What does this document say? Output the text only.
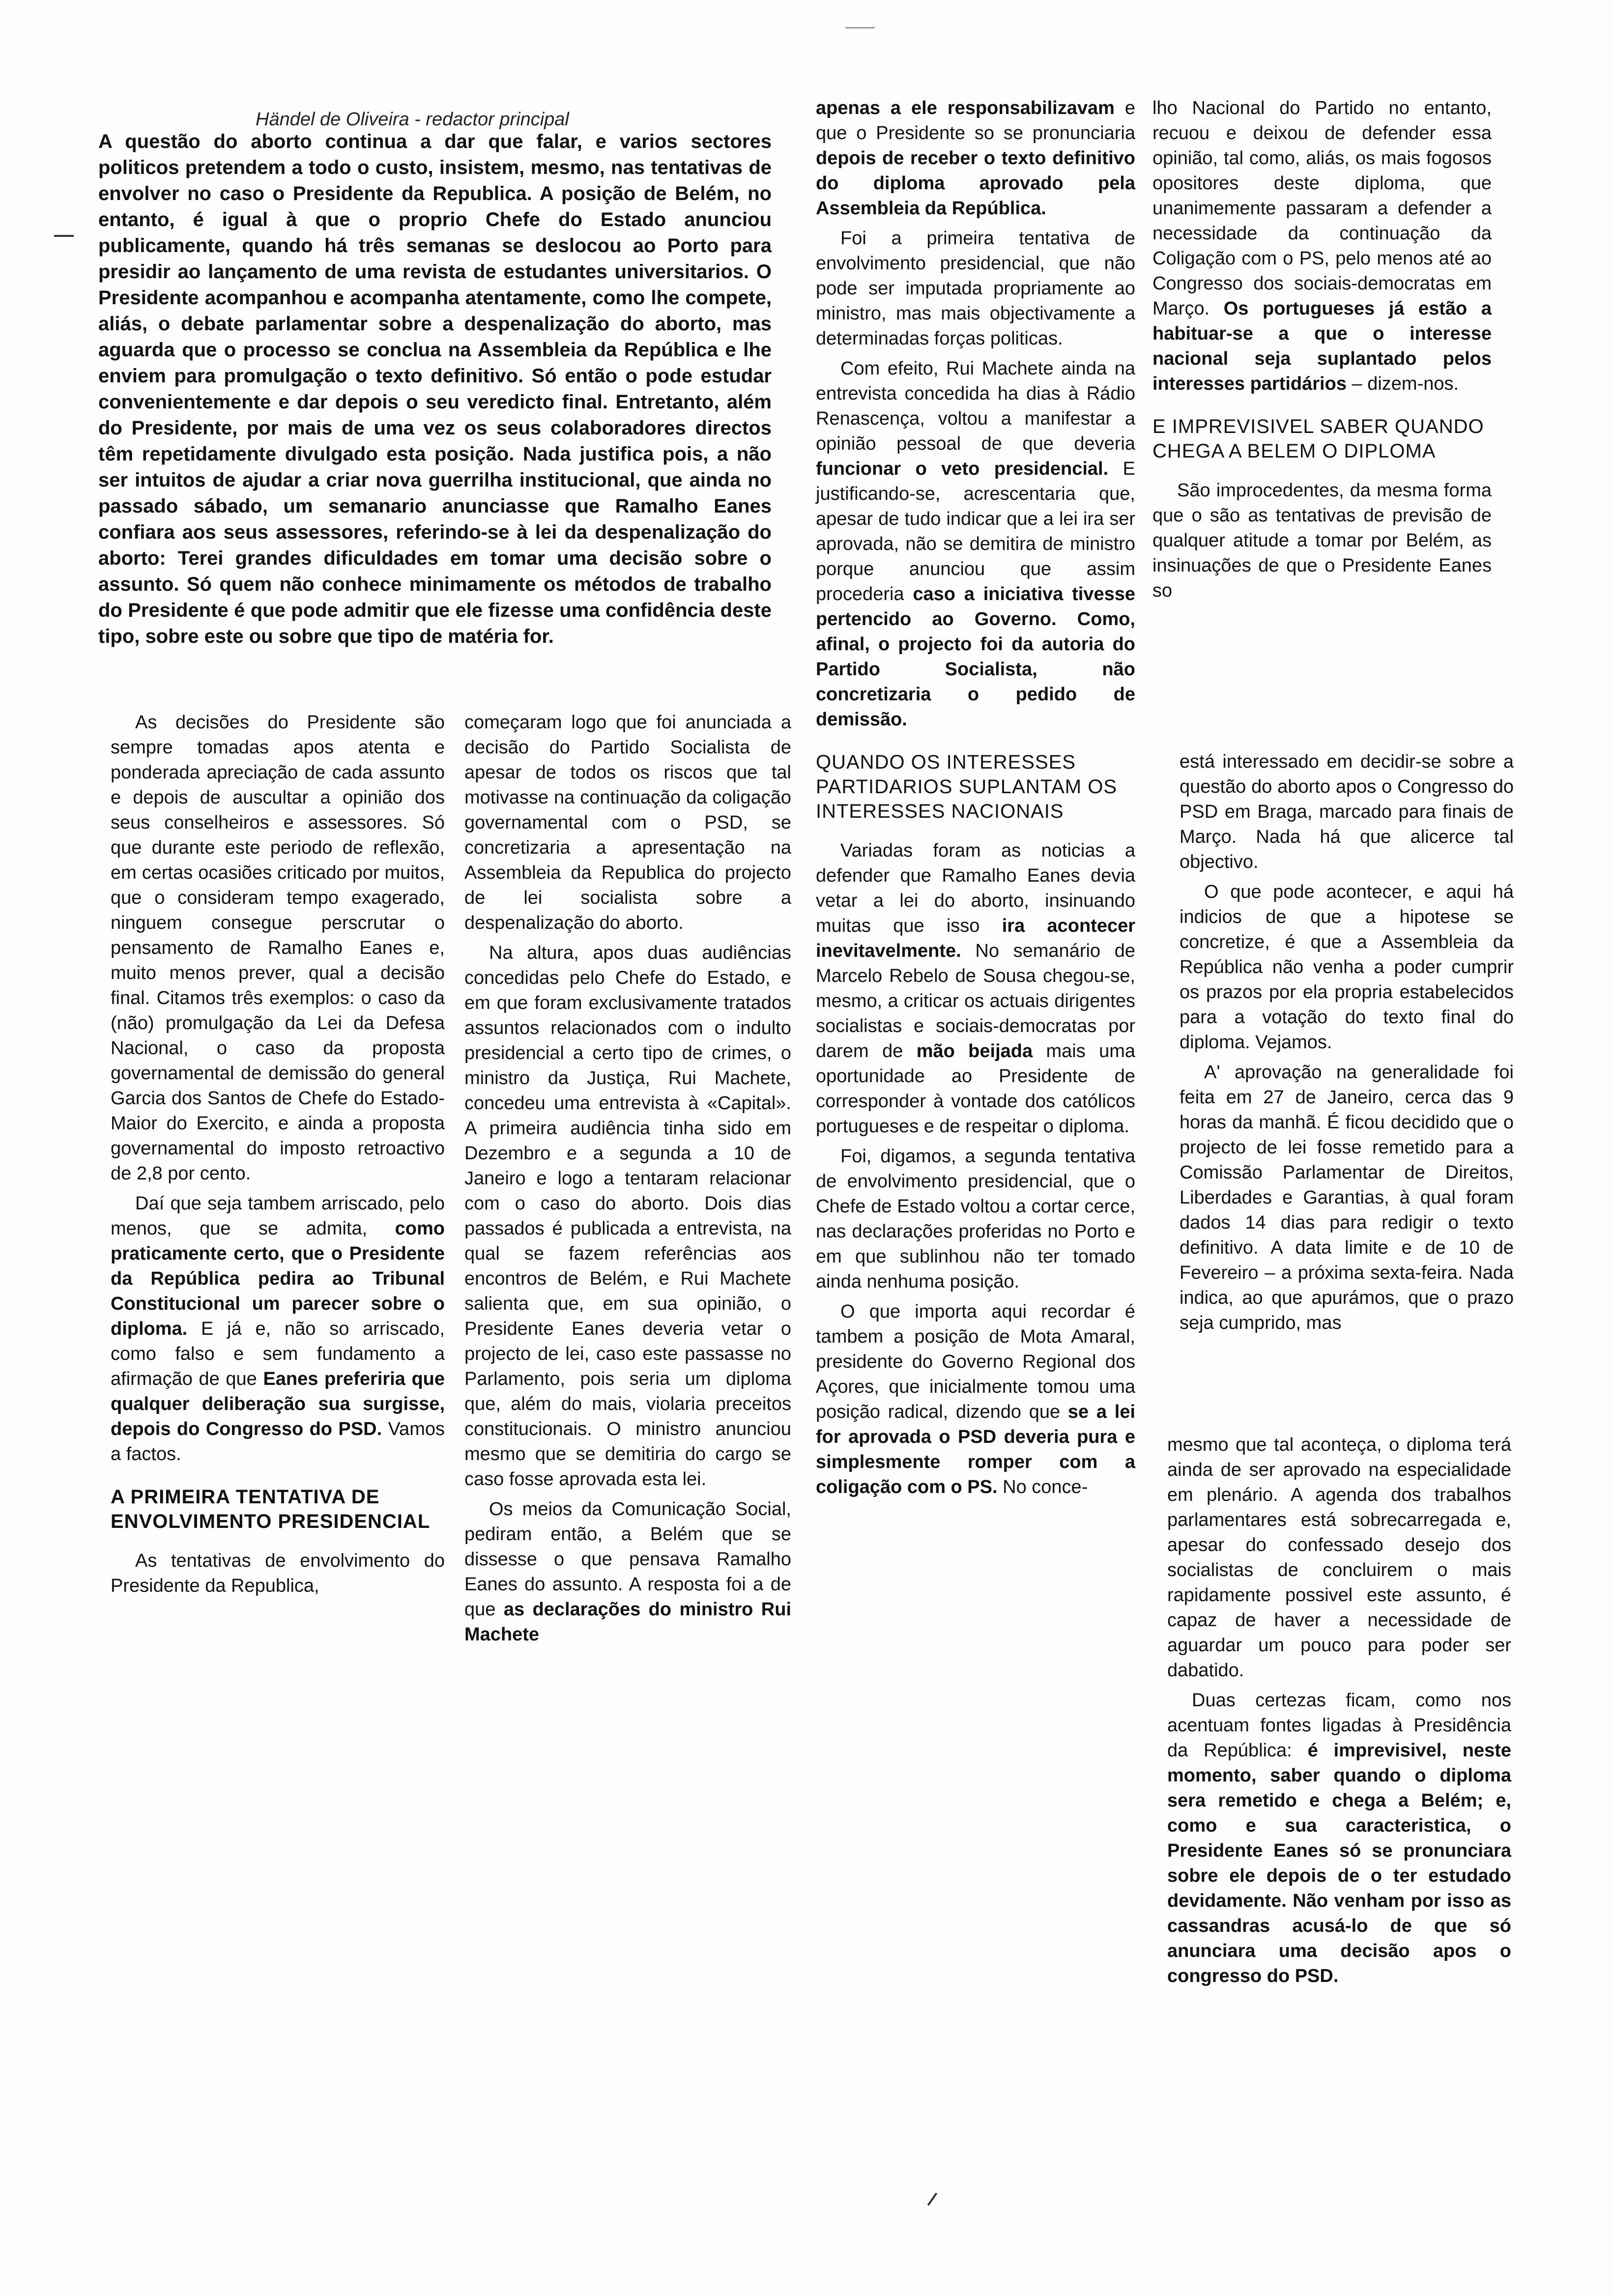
Händel de Oliveira - redactor principal
A questão do aborto continua a dar que falar, e varios sectores politicos pretendem a todo o custo, insistem, mesmo, nas tentativas de envolver no caso o Presidente da Republica. A posição de Belém, no entanto, é igual à que o proprio Chefe do Estado anunciou publicamente, quando há três semanas se deslocou ao Porto para presidir ao lançamento de uma revista de estudantes universitarios. O Presidente acompanhou e acompanha atentamente, como lhe compete, aliás, o debate parlamentar sobre a despenalização do aborto, mas aguarda que o processo se conclua na Assembleia da República e lhe enviem para promulgação o texto definitivo. Só então o pode estudar convenientemente e dar depois o seu veredicto final. Entretanto, além do Presidente, por mais de uma vez os seus colaboradores directos têm repetidamente divulgado esta posição. Nada justifica pois, a não ser intuitos de ajudar a criar nova guerrilha institucional, que ainda no passado sábado, um semanario anunciasse que Ramalho Eanes confiara aos seus assessores, referindo-se à lei da despenalização do aborto: Terei grandes dificuldades em tomar uma decisão sobre o assunto. Só quem não conhece minimamente os métodos de trabalho do Presidente é que pode admitir que ele fizesse uma confidência deste tipo, sobre este ou sobre que tipo de matéria for.

As decisões do Presidente são sempre tomadas apos atenta e ponderada apreciação de cada assunto e depois de auscultar a opinião dos seus conselheiros e assessores. Só que durante este periodo de reflexão, em certas ocasiões criticado por muitos, que o consideram tempo exagerado, ninguem consegue perscrutar o pensamento de Ramalho Eanes e, muito menos prever, qual a decisão final. Citamos três exemplos: o caso da (não) promulgação da Lei da Defesa Nacional, o caso da proposta governamental de demissão do general Garcia dos Santos de Chefe do Estado-Maior do Exercito, e ainda a proposta governamental do imposto retroactivo de 2,8 por cento.

Daí que seja tambem arriscado, pelo menos, que se admita, como praticamente certo, que o Presidente da República pedira ao Tribunal Constitucional um parecer sobre o diploma. E já e, não so arriscado, como falso e sem fundamento a afirmação de que Eanes preferiria que qualquer deliberação sua surgisse, depois do Congresso do PSD. Vamos a factos.

A PRIMEIRA TENTATIVA DE ENVOLVIMENTO PRESIDENCIAL

As tentativas de envolvimento do Presidente da Republica,

começaram logo que foi anunciada a decisão do Partido Socialista de apesar de todos os riscos que tal motivasse na continuação da coligação governamental com o PSD, se concretizaria a apresentação na Assembleia da Republica do projecto de lei socialista sobre a despenalização do aborto.

Na altura, apos duas audiências concedidas pelo Chefe do Estado, e em que foram exclusivamente tratados assuntos relacionados com o indulto presidencial a certo tipo de crimes, o ministro da Justiça, Rui Machete, concedeu uma entrevista à «Capital». A primeira audiência tinha sido em Dezembro e a segunda a 10 de Janeiro e logo a tentaram relacionar com o caso do aborto. Dois dias passados é publicada a entrevista, na qual se fazem referências aos encontros de Belém, e Rui Machete salienta que, em sua opinião, o Presidente Eanes deveria vetar o projecto de lei, caso este passasse no Parlamento, pois seria um diploma que, além do mais, violaria preceitos constitucionais. O ministro anunciou mesmo que se demitiria do cargo se caso fosse aprovada esta lei.

Os meios da Comunicação Social, pediram então, a Belém que se dissesse o que pensava Ramalho Eanes do assunto. A resposta foi a de que as declarações do ministro Rui Machete

apenas a ele responsabilizavam e que o Presidente so se pronunciaria depois de receber o texto definitivo do diploma aprovado pela Assembleia da República.

Foi a primeira tentativa de envolvimento presidencial, que não pode ser imputada propriamente ao ministro, mas mais objectivamente a determinadas forças politicas.

Com efeito, Rui Machete ainda na entrevista concedida ha dias à Rádio Renascença, voltou a manifestar a opinião pessoal de que deveria funcionar o veto presidencial. E justificando-se, acrescentaria que, apesar de tudo indicar que a lei ira ser aprovada, não se demitira de ministro porque anunciou que assim procederia caso a iniciativa tivesse pertencido ao Governo. Como, afinal, o projecto foi da autoria do Partido Socialista, não concretizaria o pedido de demissão.

QUANDO OS INTERESSES PARTIDARIOS SUPLANTAM OS INTERESSES NACIONAIS

Variadas foram as noticias a defender que Ramalho Eanes devia vetar a lei do aborto, insinuando muitas que isso ira acontecer inevitavelmente. No semanário de Marcelo Rebelo de Sousa chegou-se, mesmo, a criticar os actuais dirigentes socialistas e sociais-democratas por darem de mão beijada mais uma oportunidade ao Presidente de corresponder à vontade dos católicos portugueses e de respeitar o diploma.

Foi, digamos, a segunda tentativa de envolvimento presidencial, que o Chefe de Estado voltou a cortar cerce, nas declarações proferidas no Porto e em que sublinhou não ter tomado ainda nenhuma posição.

O que importa aqui recordar é tambem a posição de Mota Amaral, presidente do Governo Regional dos Açores, que inicialmente tomou uma posição radical, dizendo que se a lei for aprovada o PSD deveria pura e simplesmente romper com a coligação com o PS. No conce-

lho Nacional do Partido no entanto, recuou e deixou de defender essa opinião, tal como, aliás, os mais fogosos opositores deste diploma, que unanimemente passaram a defender a necessidade da continuação da Coligação com o PS, pelo menos até ao Congresso dos sociais-democratas em Março. Os portugueses já estão a habituar-se a que o interesse nacional seja suplantado pelos interesses partidários – dizem-nos.

E IMPREVISIVEL SABER QUANDO CHEGA A BELEM O DIPLOMA

São improcedentes, da mesma forma que o são as tentativas de previsão de qualquer atitude a tomar por Belém, as insinuações de que o Presidente Eanes so

está interessado em decidir-se sobre a questão do aborto apos o Congresso do PSD em Braga, marcado para finais de Março. Nada há que alicerce tal objectivo.

O que pode acontecer, e aqui há indicios de que a hipotese se concretize, é que a Assembleia da República não venha a poder cumprir os prazos por ela propria estabelecidos para a votação do texto final do diploma. Vejamos.

A' aprovação na generalidade foi feita em 27 de Janeiro, cerca das 9 horas da manhã. É ficou decidido que o projecto de lei fosse remetido para a Comissão Parlamentar de Direitos, Liberdades e Garantias, à qual foram dados 14 dias para redigir o texto definitivo. A data limite e de 10 de Fevereiro – a próxima sexta-feira. Nada indica, ao que apurámos, que o prazo seja cumprido, mas

mesmo que tal aconteça, o diploma terá ainda de ser aprovado na especialidade em plenário. A agenda dos trabalhos parlamentares está sobrecarregada e, apesar do confessado desejo dos socialistas de concluirem o mais rapidamente possivel este assunto, é capaz de haver a necessidade de aguardar um pouco para poder ser dabatido.

Duas certezas ficam, como nos acentuam fontes ligadas à Presidência da República: é imprevisivel, neste momento, saber quando o diploma sera remetido e chega a Belém; e, como e sua caracteristica, o Presidente Eanes só se pronunciara sobre ele depois de o ter estudado devidamente. Não venham por isso as cassandras acusá-lo de que só anunciara uma decisão apos o congresso do PSD.
